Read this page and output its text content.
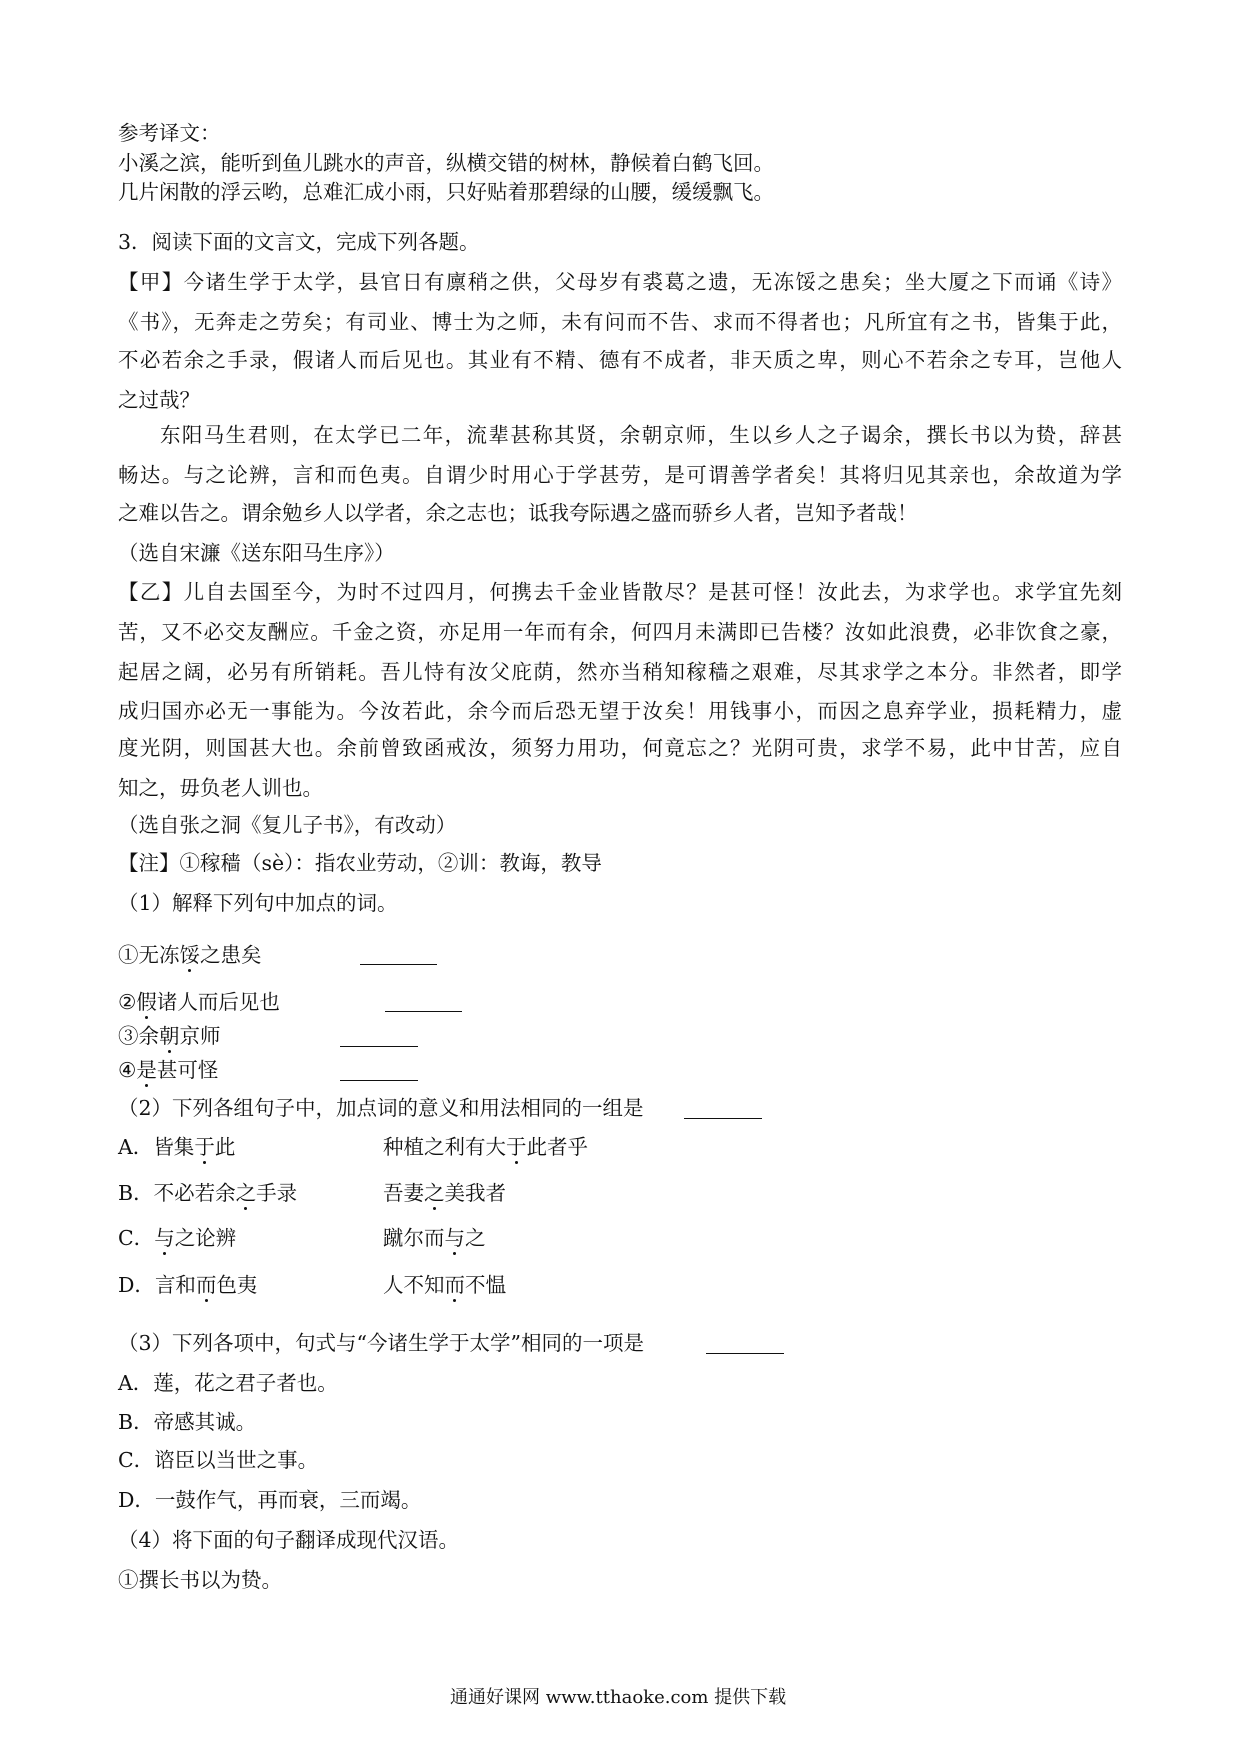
参考译文：
小溪之滨，能听到鱼儿跳水的声音，纵横交错的树林，静候着白鹤飞回。
几片闲散的浮云哟，总难汇成小雨，只好贴着那碧绿的山腰，缓缓飘飞。
3．阅读下面的文言文，完成下列各题。
【甲】今诸生学于太学，县官日有廪稍之供，父母岁有裘葛之遗，无冻馁之患矣；坐大厦之下而诵《诗》
《书》，无奔走之劳矣；有司业、博士为之师，未有问而不告、求而不得者也；凡所宜有之书，皆集于此，
不必若余之手录，假诸人而后见也。其业有不精、德有不成者，非天质之卑，则心不若余之专耳，岂他人
之过哉？
东阳马生君则，在太学已二年，流辈甚称其贤，余朝京师，生以乡人之子谒余，撰长书以为贽，辞甚
畅达。与之论辨，言和而色夷。自谓少时用心于学甚劳，是可谓善学者矣！其将归见其亲也，余故道为学
之难以告之。谓余勉乡人以学者，余之志也；诋我夸际遇之盛而骄乡人者，岂知予者哉！
（选自宋濂《送东阳马生序》）
【乙】儿自去国至今，为时不过四月，何携去千金业皆散尽？是甚可怪！汝此去，为求学也。求学宜先刻
苦，又不必交友酬应。千金之资，亦足用一年而有余，何四月未满即已告楼？汝如此浪费，必非饮食之豪，
起居之阔，必另有所销耗。吾儿恃有汝父庇荫，然亦当稍知稼穑之艰难，尽其求学之本分。非然者，即学
成归国亦必无一事能为。今汝若此，余今而后恐无望于汝矣！用钱事小，而因之息弃学业，损耗精力，虚
度光阴，则国甚大也。余前曾致函戒汝，须努力用功，何竟忘之？光阴可贵，求学不易，此中甘苦，应自
知之，毋负老人训也。
（选自张之洞《复儿子书》，有改动）
【注】①稼穑（sè）：指农业劳动，②训：教诲，教导
（1）解释下列句中加点的词。
①无冻馁之患矣
②假诸人而后见也
③余朝京师
④是甚可怪
（2）下列各组句子中，加点词的意义和用法相同的一组是
A．皆集于此	种植之利有大于此者乎
B．不必若余之手录	吾妻之美我者
C．与之论辨	蹴尔而与之
D．言和而色夷	人不知而不愠
（3）下列各项中，句式与“今诸生学于太学”相同的一项是
A．莲，花之君子者也。
B．帝感其诚。
C．谘臣以当世之事。
D．一鼓作气，再而衰，三而竭。
（4）将下面的句子翻译成现代汉语。
①撰长书以为贽。
通通好课网 www.tthaoke.com 提供下载
